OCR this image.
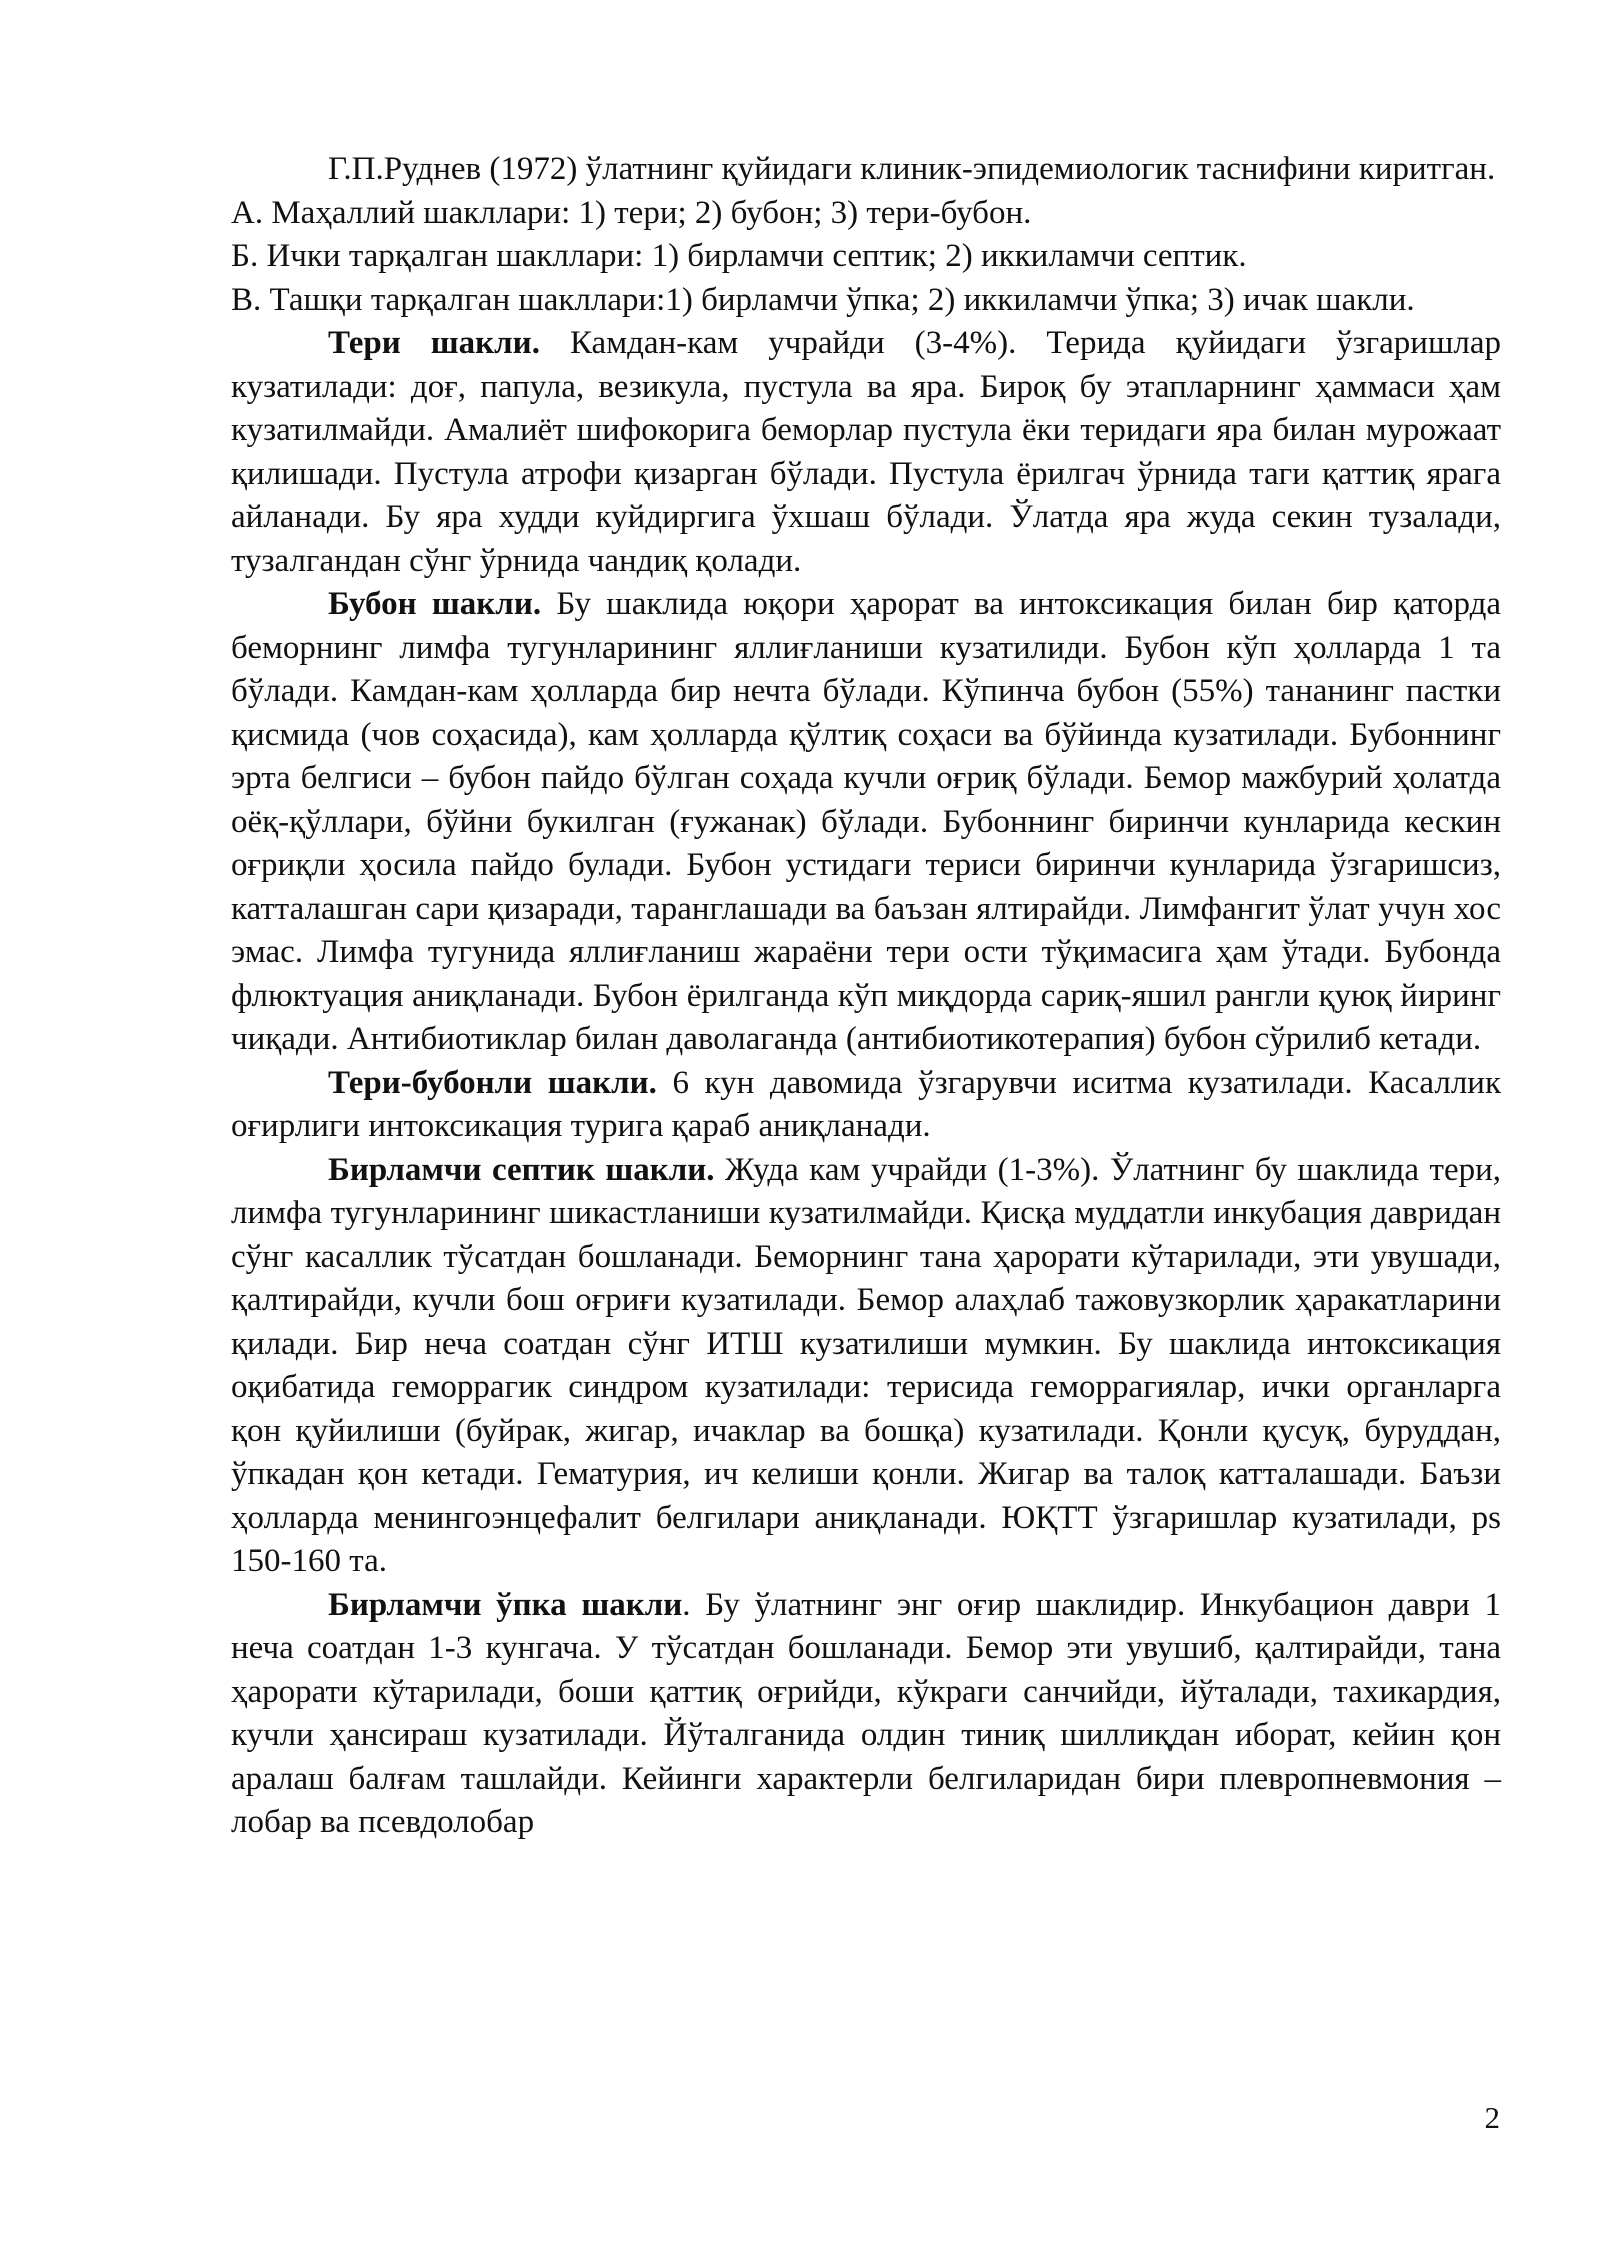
Г.П.Руднев (1972) ўлатнинг қуйидаги клиник-эпидемиологик таснифини киритган.

А. Маҳаллий шакллари: 1) тери; 2) бубон; 3) тери-бубон.

Б. Ички тарқалган шакллари: 1) бирламчи септик; 2) иккиламчи септик.

В. Ташқи тарқалган шакллари:1) бирламчи ўпка; 2) иккиламчи ўпка; 3) ичак шакли.

Тери шакли. Камдан-кам учрайди (3-4%). Терида қуйидаги ўзгаришлар кузатилади: доғ, папула, везикула, пустула ва яра. Бироқ бу этапларнинг ҳаммаси ҳам кузатилмайди. Амалиёт шифокорига беморлар пустула ёки теридаги яра билан мурожаат қилишади. Пустула атрофи қизарган бўлади. Пустула ёрилгач ўрнида таги қаттиқ ярага айланади. Бу яра худди куйдиргига ўхшаш бўлади. Ўлатда яра жуда секин тузалади, тузалгандан сўнг ўрнида чандиқ қолади.

Бубон шакли. Бу шаклида юқори ҳарорат ва интоксикация билан бир қаторда беморнинг лимфа тугунларининг яллиғланиши кузатилиди. Бубон кўп ҳолларда 1 та бўлади. Камдан-кам ҳолларда бир нечта бўлади. Кўпинча бубон (55%) тананинг пастки қисмида (чов соҳасида), кам ҳолларда қўлтиқ соҳаси ва бўйинда кузатилади. Бубоннинг эрта белгиси – бубон пайдо бўлган соҳада кучли оғриқ бўлади. Бемор мажбурий ҳолатда оёқ-қўллари, бўйни букилган (ғужанак) бўлади. Бубоннинг биринчи кунларида кескин оғриқли ҳосила пайдо булади. Бубон устидаги териси биринчи кунларида ўзгаришсиз, катталашган сари қизаради, таранглашади ва баъзан ялтирайди. Лимфангит ўлат учун хос эмас. Лимфа тугунида яллиғланиш жараёни тери ости тўқимасига ҳам ўтади. Бубонда флюктуация аниқланади. Бубон ёрилганда кўп миқдорда сариқ-яшил рангли қуюқ йиринг чиқади. Антибиотиклар билан даволаганда (антибиотикотерапия) бубон сўрилиб кетади.

Тери-бубонли шакли. 6 кун давомида ўзгарувчи иситма кузатилади. Касаллик оғирлиги интоксикация турига қараб аниқланади.

Бирламчи септик шакли. Жуда кам учрайди (1-3%). Ўлатнинг бу шаклида тери, лимфа тугунларининг шикастланиши кузатилмайди. Қисқа муддатли инкубация давридан сўнг касаллик тўсатдан бошланади. Беморнинг тана ҳарорати кўтарилади, эти увушади, қалтирайди, кучли бош оғриғи кузатилади. Бемор алаҳлаб тажовузкорлик ҳаракатларини қилади. Бир неча соатдан сўнг ИТШ кузатилиши мумкин. Бу шаклида интоксикация оқибатида геморрагик синдром кузатилади: терисида геморрагиялар, ички органларга қон қуйилиши (буйрак, жигар, ичаклар ва бошқа) кузатилади. Қонли қусуқ, буруддан, ўпкадан қон кетади. Гематурия, ич келиши қонли. Жигар ва талоқ катталашади. Баъзи ҳолларда менингоэнцефалит белгилари аниқланади. ЮҚТТ ўзгаришлар кузатилади, ps 150-160 та.

Бирламчи ўпка шакли. Бу ўлатнинг энг оғир шаклидир. Инкубацион даври 1 неча соатдан 1-3 кунгача. У тўсатдан бошланади. Бемор эти увушиб, қалтирайди, тана ҳарорати кўтарилади, боши қаттиқ оғрийди, кўкраги санчийди, йўталади, тахикардия, кучли ҳансираш кузатилади. Йўталганида олдин тиниқ шиллиқдан иборат, кейин қон аралаш балғам ташлайди. Кейинги характерли белгиларидан бири плевропневмония – лобар ва псевдолобар

2
